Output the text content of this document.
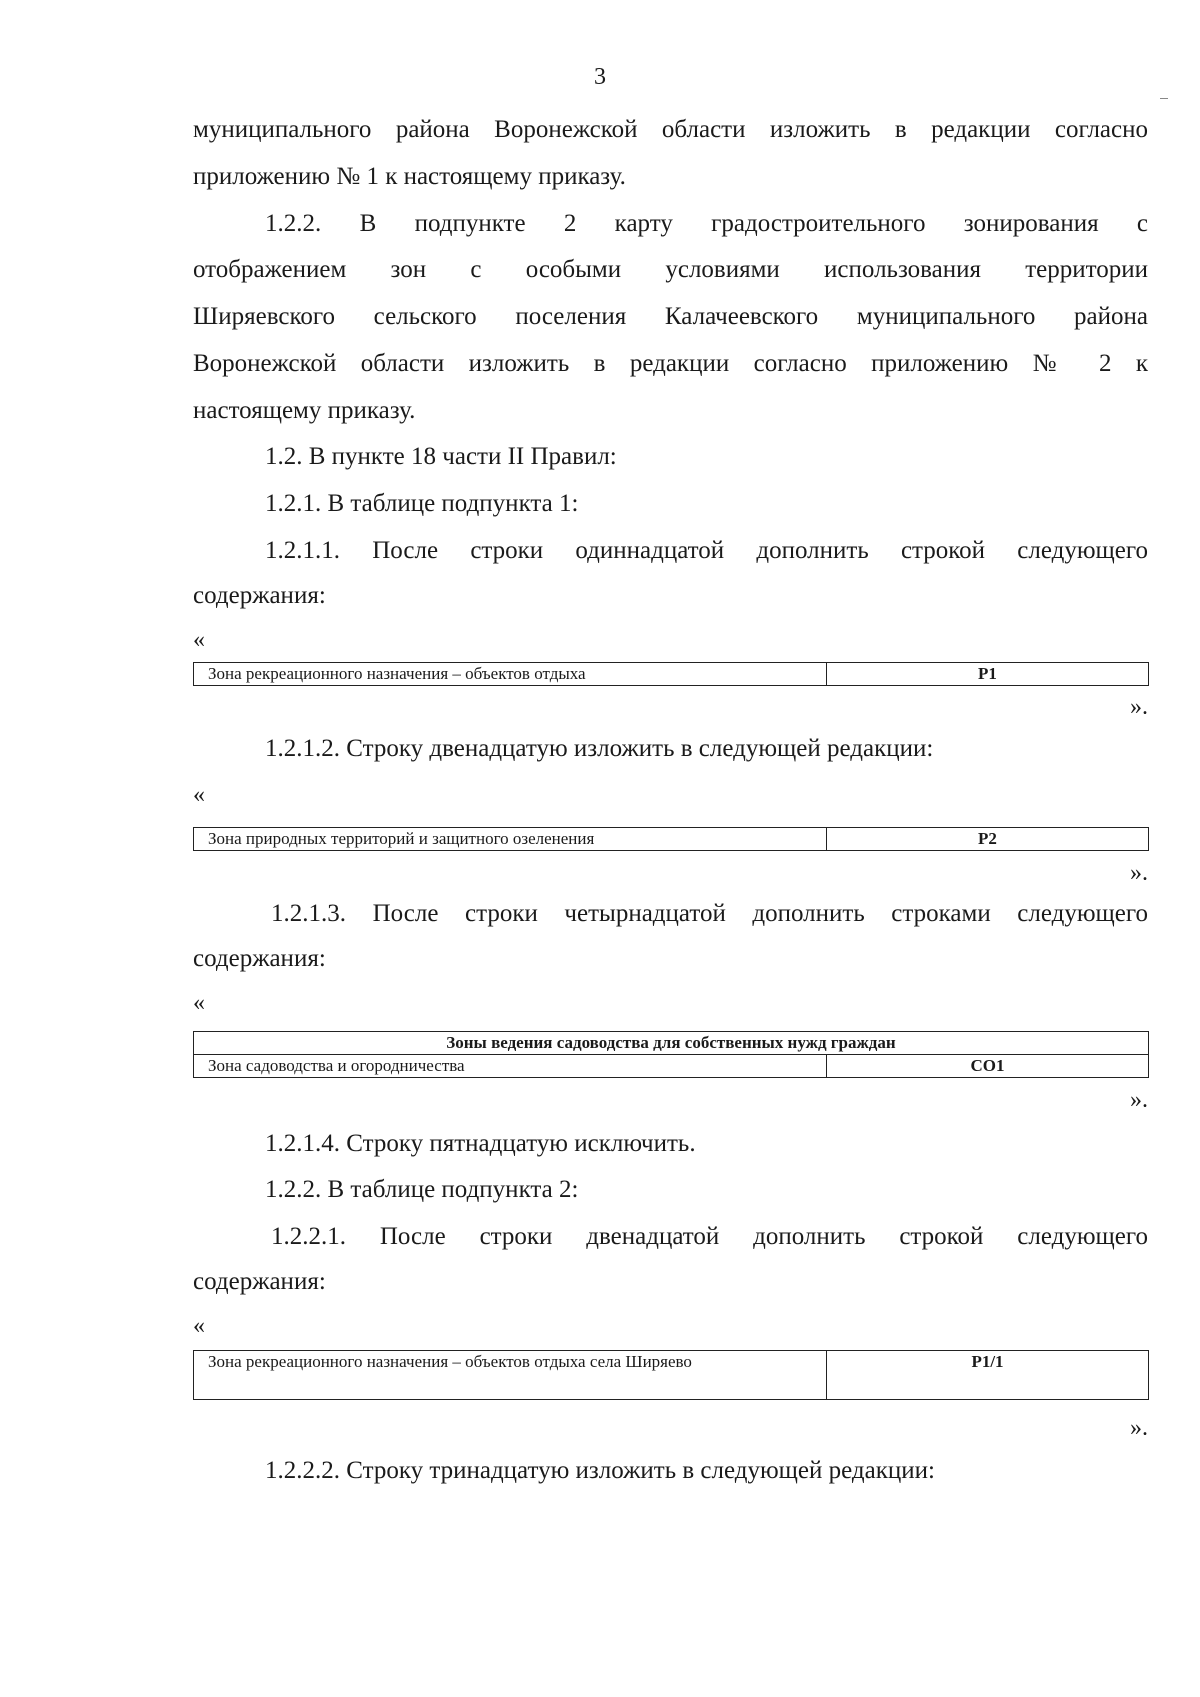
3
муниципального района Воронежской области изложить в редакции согласно
приложению № 1 к настоящему приказу.
1.2.2. В подпункте 2 карту градостроительного зонирования с
отображением зон с особыми условиями использования территории
Ширяевского сельского поселения Калачеевского муниципального района
Воронежской области изложить в редакции согласно приложению № 2 к
настоящему приказу.
1.2. В пункте 18 части II Правил:
1.2.1. В таблице подпункта 1:
1.2.1.1. После строки одиннадцатой дополнить строкой следующего
содержания:
«
Зона рекреационного назначения – объектов отдыха	Р1
».
1.2.1.2. Строку двенадцатую изложить в следующей редакции:
«
Зона природных территорий и защитного озеленения	Р2
».
1.2.1.3. После строки четырнадцатой дополнить строками следующего
содержания:
«
Зоны ведения садоводства для собственных нужд граждан
Зона садоводства и огородничества	СО1
».
1.2.1.4. Строку пятнадцатую исключить.
1.2.2. В таблице подпункта 2:
1.2.2.1. После строки двенадцатой дополнить строкой следующего
содержания:
«
Зона рекреационного назначения – объектов отдыха села Ширяево	Р1/1
».
1.2.2.2. Строку тринадцатую изложить в следующей редакции:
